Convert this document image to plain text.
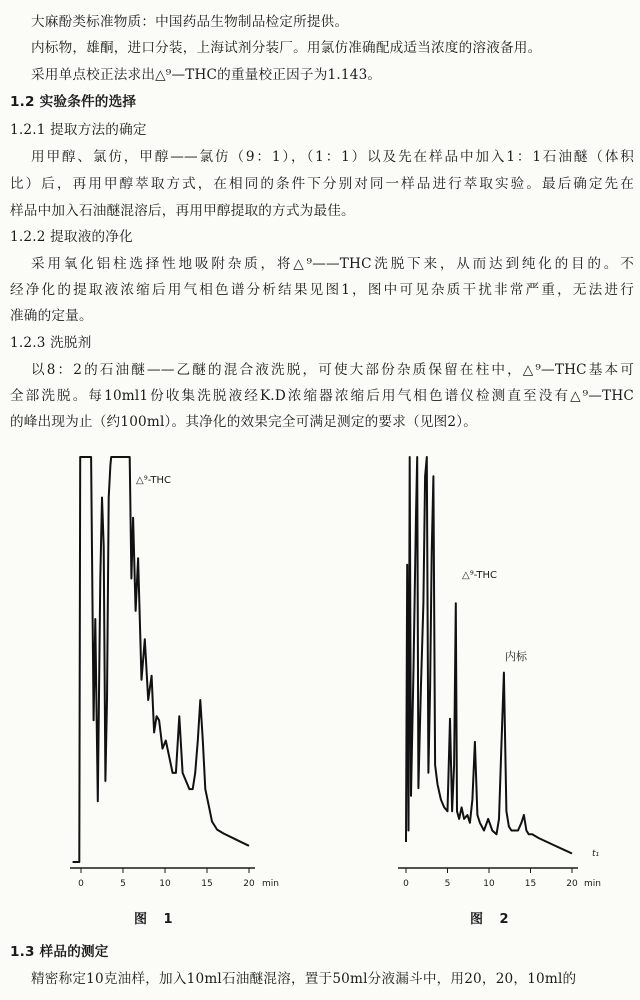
大麻酚类标准物质：中国药品生物制品检定所提供。
内标物，雄酮，进口分装，上海试剂分装厂。用氯仿准确配成适当浓度的溶液备用。
采用单点校正法求出△⁹—THC的重量校正因子为1.143。
1.2 实验条件的选择
1.2.1 提取方法的确定
用甲醇、氯仿，甲醇——氯仿（9：1），（1：1）以及先在样品中加入1：1石油醚（体积
比）后，再用甲醇萃取方式，在相同的条件下分别对同一样品进行萃取实验。最后确定先在
样品中加入石油醚混溶后，再用甲醇提取的方式为最佳。
1.2.2 提取液的净化
采用氧化铝柱选择性地吸附杂质，将△⁹——THC洗脱下来，从而达到纯化的目的。不
经净化的提取液浓缩后用气相色谱分析结果见图1，图中可见杂质干扰非常严重，无法进行
准确的定量。
1.2.3 洗脱剂
以8：2的石油醚——乙醚的混合液洗脱，可使大部份杂质保留在柱中，△⁹—THC基本可
全部洗脱。每10ml1份收集洗脱液经K.D浓缩器浓缩后用气相色谱仪检测直至没有△⁹—THC
的峰出现为止（约100ml）。其净化的效果完全可满足测定的要求（见图2）。
0	5	10	15	20 min
△⁹-THC
0	5	10	15	20 min
△⁹-THC
内标
t₁
图 1	图 2
1.3 样品的测定
精密称定10克油样，加入10ml石油醚混溶，置于50ml分液漏斗中，用20，20，10ml的
